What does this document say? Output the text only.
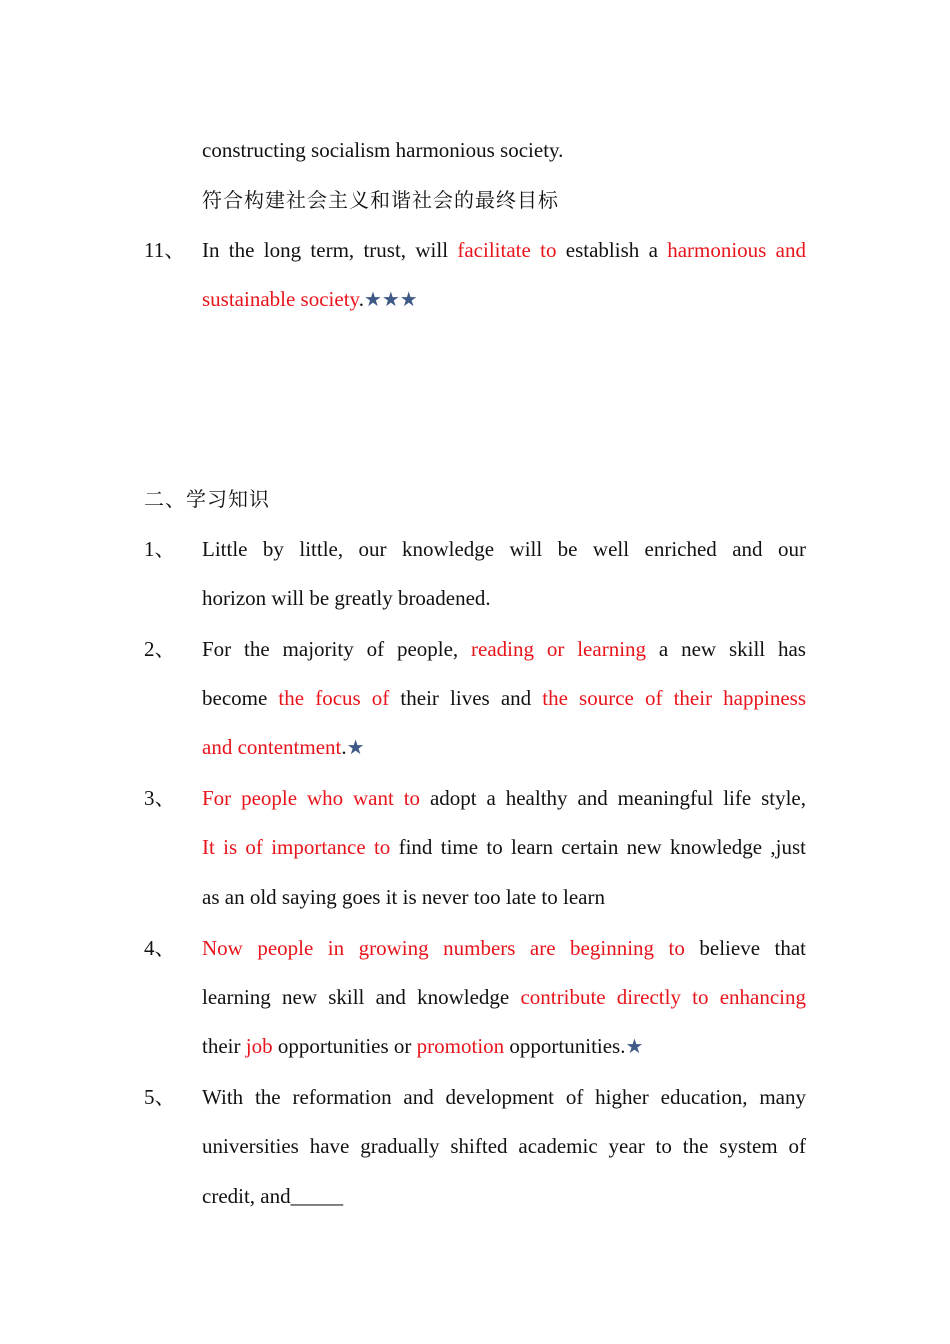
constructing socialism harmonious society.
符合构建社会主义和谐社会的最终目标
11、 In the long term, trust, will facilitate to establish a harmonious and
sustainable society.★★★
二、学习知识
1、 Little by little, our knowledge will be well enriched and our
horizon will be greatly broadened.
2、 For the majority of people, reading or learning a new skill has
become the focus of their lives and the source of their happiness
and contentment.★
3、 For people who want to adopt a healthy and meaningful life style,
It is of importance to find time to learn certain new knowledge ,just
as an old saying goes it is never too late to learn
4、 Now people in growing numbers are beginning to believe that
learning new skill and knowledge contribute directly to enhancing
their job opportunities or promotion opportunities.★
5、 With the reformation and development of higher education, many
universities have gradually shifted academic year to the system of
credit, and_____
